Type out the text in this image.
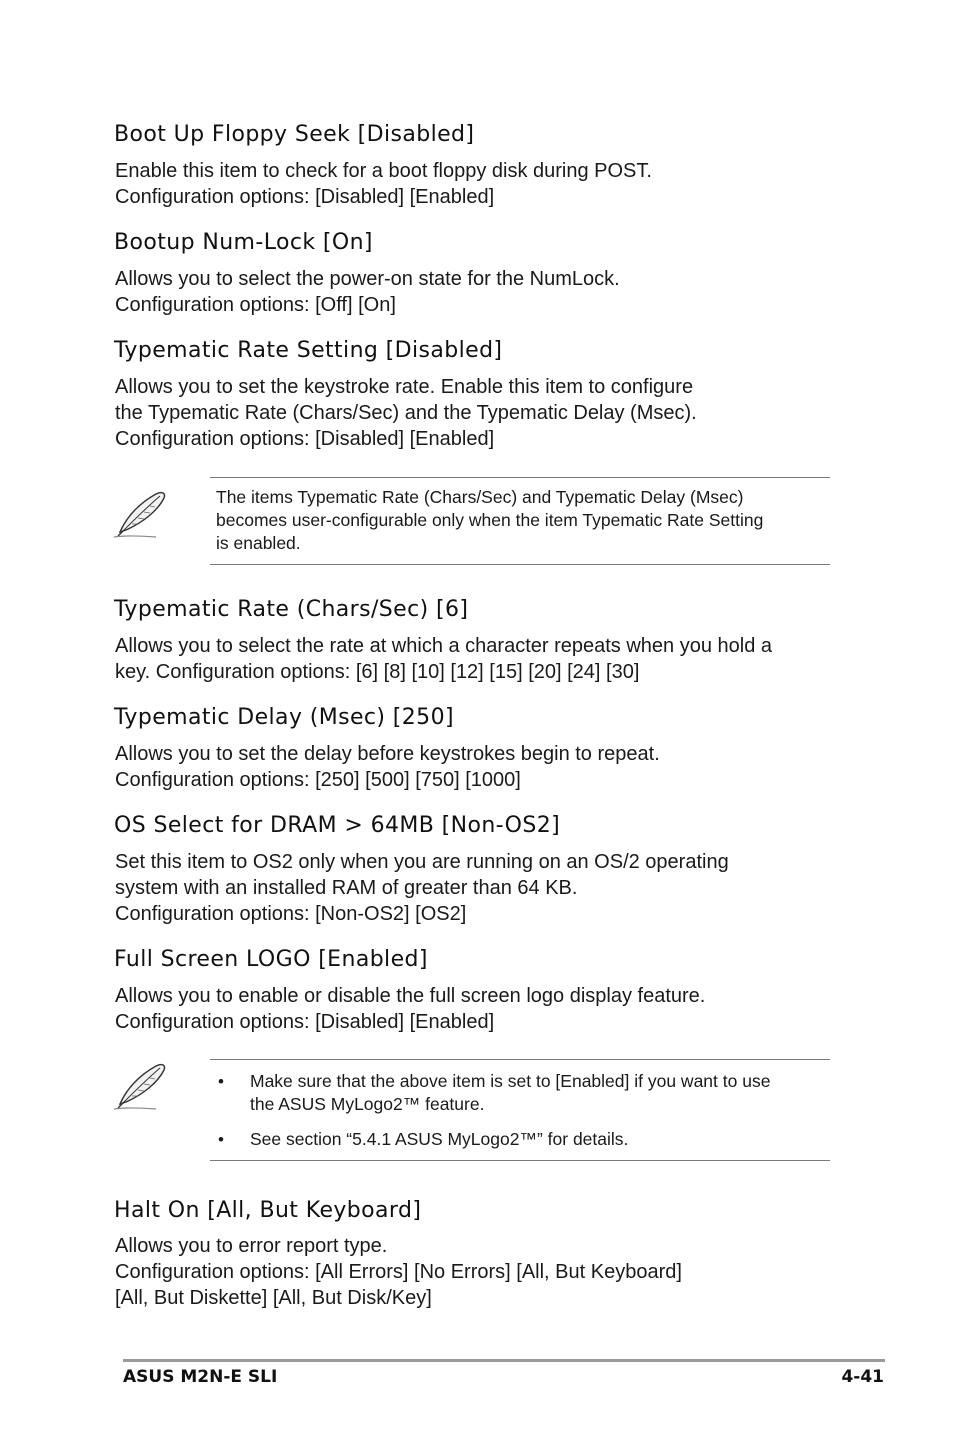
Boot Up Floppy Seek [Disabled]
Enable this item to check for a boot floppy disk during POST.
Configuration options: [Disabled] [Enabled]
Bootup Num-Lock [On]
Allows you to select the power-on state for the NumLock.
Configuration options: [Off] [On]
Typematic Rate Setting [Disabled]
Allows you to set the keystroke rate. Enable this item to configure
the Typematic Rate (Chars/Sec) and the Typematic Delay (Msec).
Configuration options: [Disabled] [Enabled]
The items Typematic Rate (Chars/Sec) and Typematic Delay (Msec)
becomes user-configurable only when the item Typematic Rate Setting
is enabled.
Typematic Rate (Chars/Sec) [6]
Allows you to select the rate at which a character repeats when you hold a
key. Configuration options: [6] [8] [10] [12] [15] [20] [24] [30]
Typematic Delay (Msec) [250]
Allows you to set the delay before keystrokes begin to repeat.
Configuration options: [250] [500] [750] [1000]
OS Select for DRAM > 64MB [Non-OS2]
Set this item to OS2 only when you are running on an OS/2 operating
system with an installed RAM of greater than 64 KB.
Configuration options: [Non-OS2] [OS2]
Full Screen LOGO [Enabled]
Allows you to enable or disable the full screen logo display feature.
Configuration options: [Disabled] [Enabled]
•	Make sure that the above item is set to [Enabled] if you want to use
the ASUS MyLogo2™ feature.
•	See section “5.4.1 ASUS MyLogo2™” for details.
Halt On [All, But Keyboard]
Allows you to error report type.
Configuration options: [All Errors] [No Errors] [All, But Keyboard]
[All, But Diskette] [All, But Disk/Key]
ASUS M2N-E SLI	4-41
